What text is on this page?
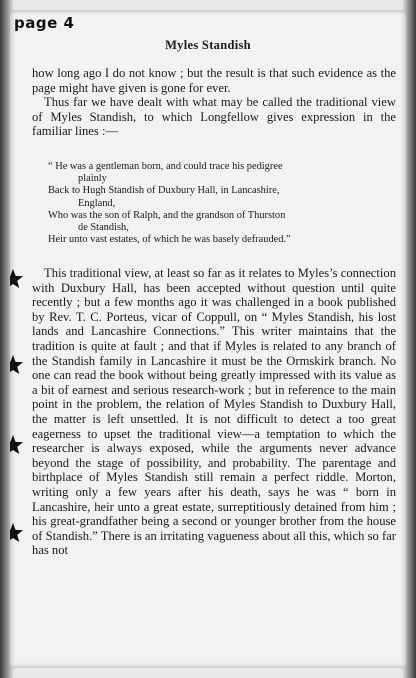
page 4
Myles Standish
how long ago I do not know ; but the result is that such evidence as the page might have given is gone for ever.
Thus far we have dealt with what may be called the traditional view of Myles Standish, to which Longfellow gives expression in the familiar lines :—
“ He was a gentleman born, and could trace his pedigree
plainly
Back to Hugh Standish of Duxbury Hall, in Lancashire,
England,
Who was the son of Ralph, and the grandson of Thurston
de Standish,
Heir unto vast estates, of which he was basely defrauded.”
This traditional view, at least so far as it relates to Myles’s connection with Duxbury Hall, has been accepted without question until quite recently ; but a few months ago it was challenged in a book published by Rev. T. C. Porteus, vicar of Coppull, on “ Myles Standish, his lost lands and Lancashire Connections.” This writer maintains that the tradition is quite at fault ; and that if Myles is related to any branch of the Standish family in Lancashire it must be the Ormskirk branch. No one can read the book without being greatly impressed with its value as a bit of earnest and serious research-work ; but in reference to the main point in the problem, the relation of Myles Standish to Duxbury Hall, the matter is left unsettled. It is not difficult to detect a too great eagerness to upset the traditional view—a temptation to which the researcher is always exposed, while the arguments never advance beyond the stage of possibility, and probability. The parentage and birthplace of Myles Standish still remain a perfect riddle. Morton, writing only a few years after his death, says he was “ born in Lancashire, heir unto a great estate, surreptitiously detained from him ; his great-grandfather being a second or younger brother from the house of Standish.” There is an irritating vagueness about all this, which so far has not
